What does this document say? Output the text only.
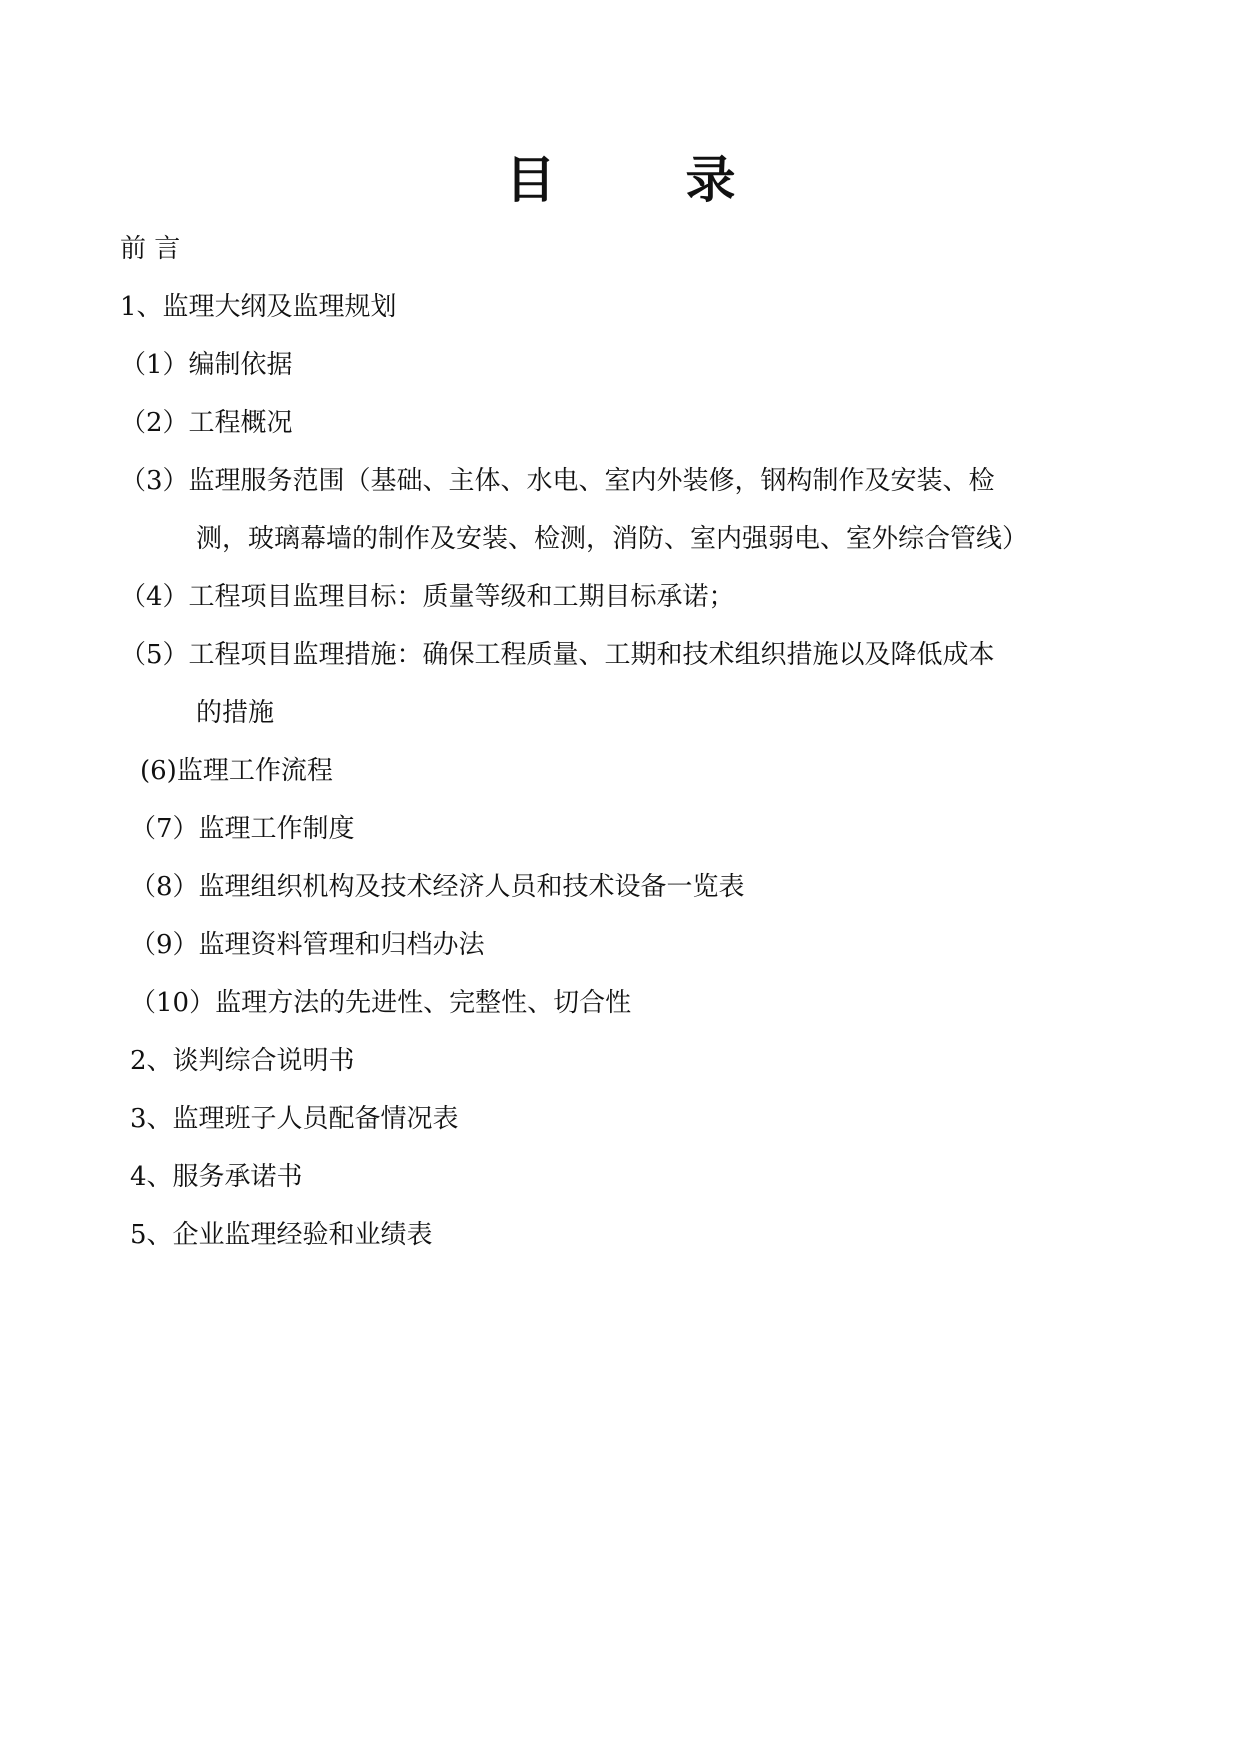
目　录
前 言
1、监理大纲及监理规划
（1）编制依据
（2）工程概况
（3）监理服务范围（基础、主体、水电、室内外装修，钢构制作及安装、检
测，玻璃幕墙的制作及安装、检测，消防、室内强弱电、室外综合管线）
（4）工程项目监理目标：质量等级和工期目标承诺；
（5）工程项目监理措施：确保工程质量、工期和技术组织措施以及降低成本
的措施
(6)监理工作流程
（7）监理工作制度
（8）监理组织机构及技术经济人员和技术设备一览表
（9）监理资料管理和归档办法
（10）监理方法的先进性、完整性、切合性
2、谈判综合说明书
3、监理班子人员配备情况表
4、服务承诺书
5、企业监理经验和业绩表
